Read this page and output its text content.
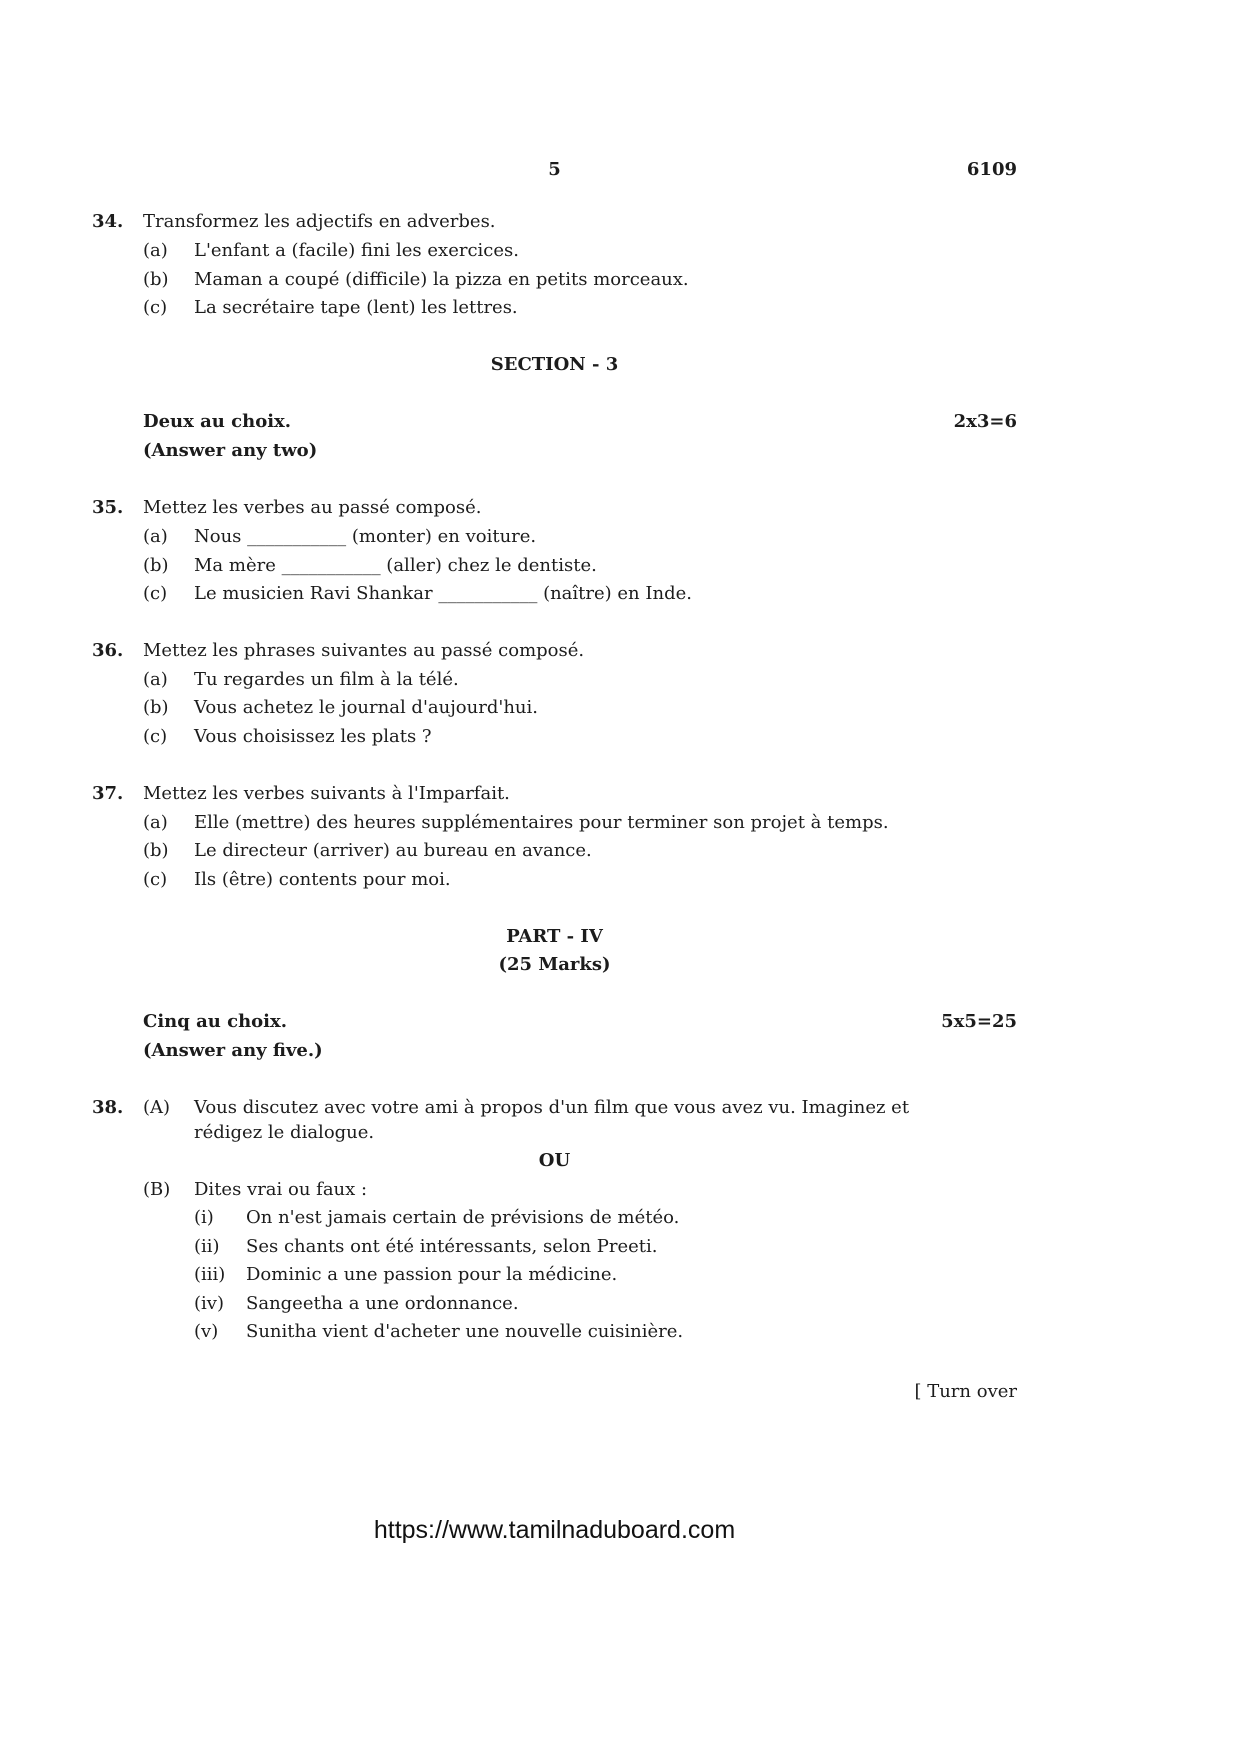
5	6109
34. Transformez les adjectifs en adverbes.
(a) L'enfant a (facile) fini les exercices.
(b) Maman a coupé (difficile) la pizza en petits morceaux.
(c) La secrétaire tape (lent) les lettres.
SECTION - 3
Deux au choix.	2x3=6
(Answer any two)
35. Mettez les verbes au passé composé.
(a) Nous ___________ (monter) en voiture.
(b) Ma mère ___________ (aller) chez le dentiste.
(c) Le musicien Ravi Shankar ___________ (naître) en Inde.
36. Mettez les phrases suivantes au passé composé.
(a) Tu regardes un film à la télé.
(b) Vous achetez le journal d'aujourd'hui.
(c) Vous choisissez les plats ?
37. Mettez les verbes suivants à l'Imparfait.
(a) Elle (mettre) des heures supplémentaires pour terminer son projet à temps.
(b) Le directeur (arriver) au bureau en avance.
(c) Ils (être) contents pour moi.
PART - IV
(25 Marks)
Cinq au choix.	5x5=25
(Answer any five.)
38. (A) Vous discutez avec votre ami à propos d'un film que vous avez vu. Imaginez et
rédigez le dialogue.
OU
(B) Dites vrai ou faux :
(i) On n'est jamais certain de prévisions de météo.
(ii) Ses chants ont été intéressants, selon Preeti.
(iii) Dominic a une passion pour la médicine.
(iv) Sangeetha a une ordonnance.
(v) Sunitha vient d'acheter une nouvelle cuisinière.
[ Turn over
https://www.tamilnaduboard.com
